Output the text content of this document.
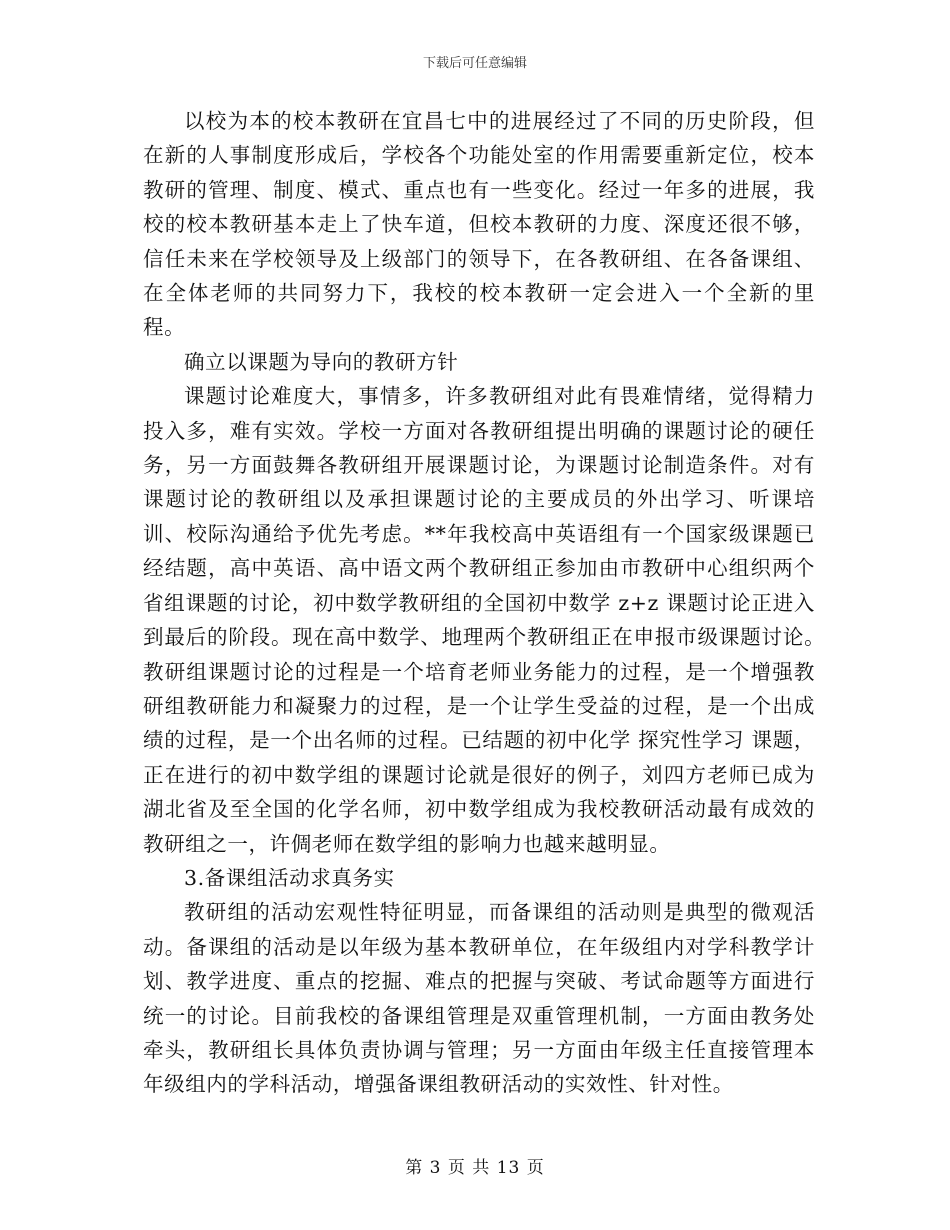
下载后可任意编辑

以校为本的校本教研在宜昌七中的进展经过了不同的历史阶段，但在新的人事制度形成后，学校各个功能处室的作用需要重新定位，校本教研的管理、制度、模式、重点也有一些变化。经过一年多的进展，我校的校本教研基本走上了快车道，但校本教研的力度、深度还很不够，信任未来在学校领导及上级部门的领导下，在各教研组、在各备课组、在全体老师的共同努力下，我校的校本教研一定会进入一个全新的里程。

确立以课题为导向的教研方针

课题讨论难度大，事情多，许多教研组对此有畏难情绪，觉得精力投入多，难有实效。学校一方面对各教研组提出明确的课题讨论的硬任务，另一方面鼓舞各教研组开展课题讨论，为课题讨论制造条件。对有课题讨论的教研组以及承担课题讨论的主要成员的外出学习、听课培训、校际沟通给予优先考虑。**年我校高中英语组有一个国家级课题已经结题，高中英语、高中语文两个教研组正参加由市教研中心组织两个省组课题的讨论，初中数学教研组的全国初中数学 z+z 课题讨论正进入到最后的阶段。现在高中数学、地理两个教研组正在申报市级课题讨论。　教研组课题讨论的过程是一个培育老师业务能力的过程，是一个增强教研组教研能力和凝聚力的过程，是一个让学生受益的过程，是一个出成绩的过程，是一个出名师的过程。已结题的初中化学 探究性学习 课题，正在进行的初中数学组的课题讨论就是很好的例子，刘四方老师已成为湖北省及至全国的化学名师，初中数学组成为我校教研活动最有成效的教研组之一，许倜老师在数学组的影响力也越来越明显。

3.备课组活动求真务实

教研组的活动宏观性特征明显，而备课组的活动则是典型的微观活动。备课组的活动是以年级为基本教研单位，在年级组内对学科教学计划、教学进度、重点的挖掘、难点的把握与突破、考试命题等方面进行统一的讨论。目前我校的备课组管理是双重管理机制，一方面由教务处牵头，教研组长具体负责协调与管理；另一方面由年级主任直接管理本年级组内的学科活动，增强备课组教研活动的实效性、针对性。

第 3 页 共 13 页
